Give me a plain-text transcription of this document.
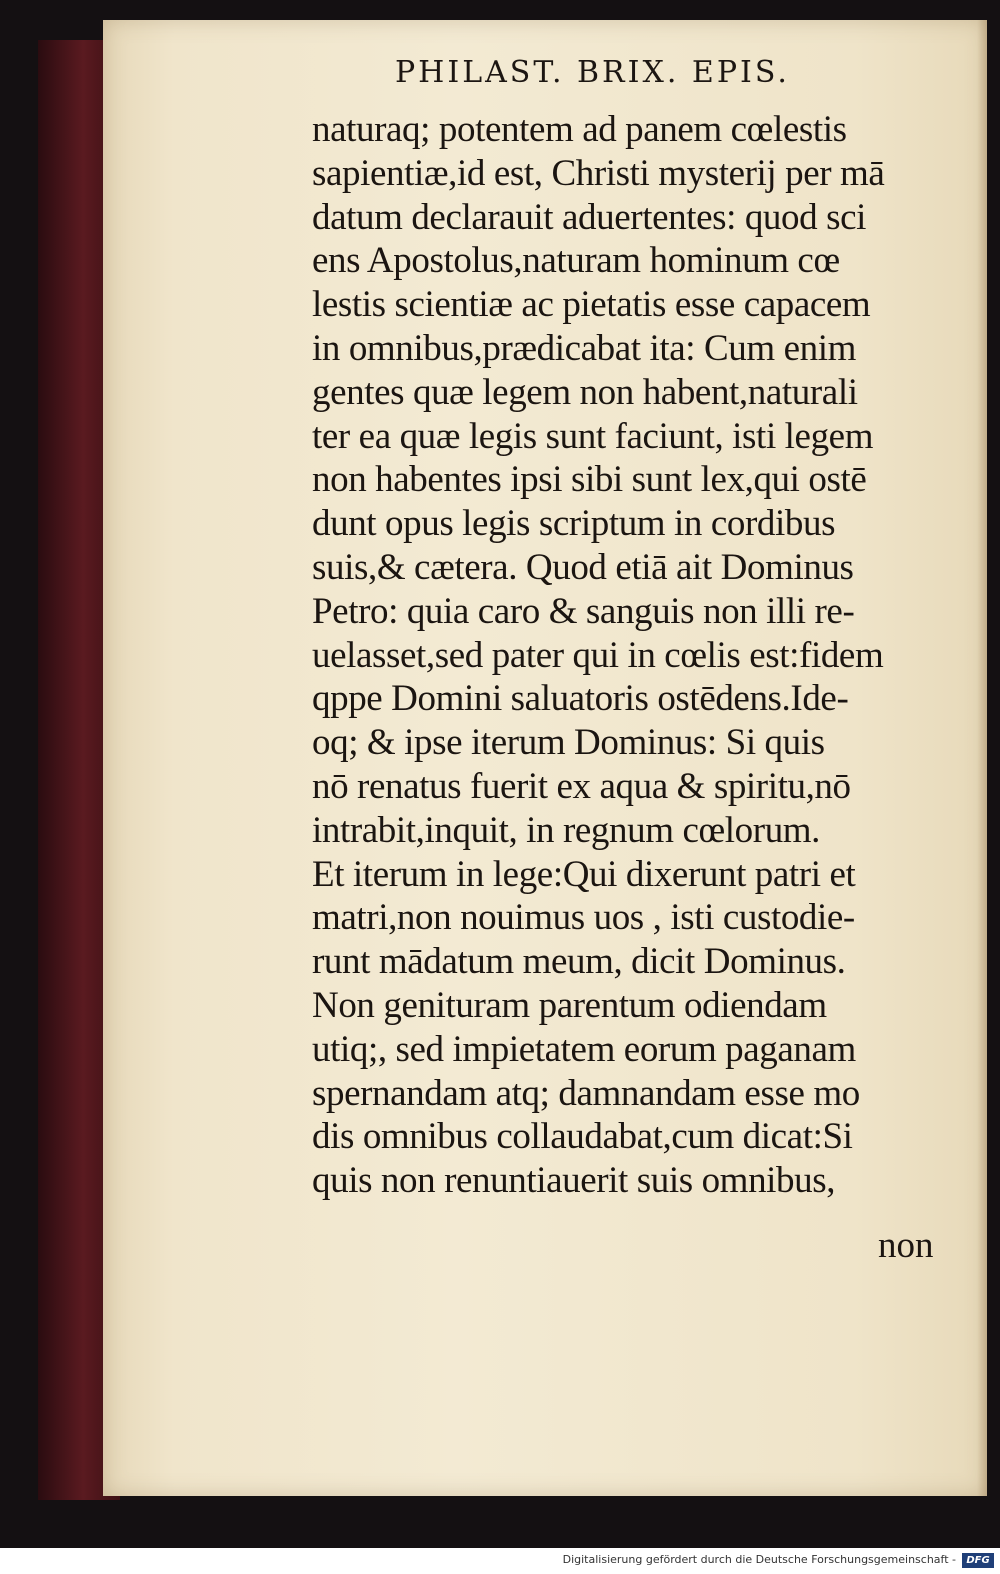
PHILAST. BRIX. EPIS.
naturaq; potentem ad panem cœlestis
sapientiæ,id est, Christi mysterij per mā
datum declarauit aduertentes: quod sci
ens Apostolus,naturam hominum cœ
lestis scientiæ ac pietatis esse capacem
in omnibus,prædicabat ita: Cum enim
gentes quæ legem non habent,naturali
ter ea quæ legis sunt faciunt, isti legem
non habentes ipsi sibi sunt lex,qui ostē
dunt opus legis scriptum in cordibus
suis,& cætera. Quod etiā ait Dominus
Petro: quia caro & sanguis non illi re-
uelasset,sed pater qui in cœlis est:fidem
qppe Domini saluatoris ostēdens.Ide-
oq; & ipse iterum Dominus: Si quis
nō renatus fuerit ex aqua & spiritu,nō
intrabit,inquit, in regnum cœlorum.
Et iterum in lege:Qui dixerunt patri et
matri,non nouimus uos , isti custodie-
runt mādatum meum, dicit Dominus.
Non genituram parentum odiendam
utiq;, sed impietatem eorum paganam
spernandam atq; damnandam esse mo
dis omnibus collaudabat,cum dicat:Si
quis non renuntiauerit suis omnibus,
non
Digitalisierung gefördert durch die Deutsche Forschungsgemeinschaft -	DFG
